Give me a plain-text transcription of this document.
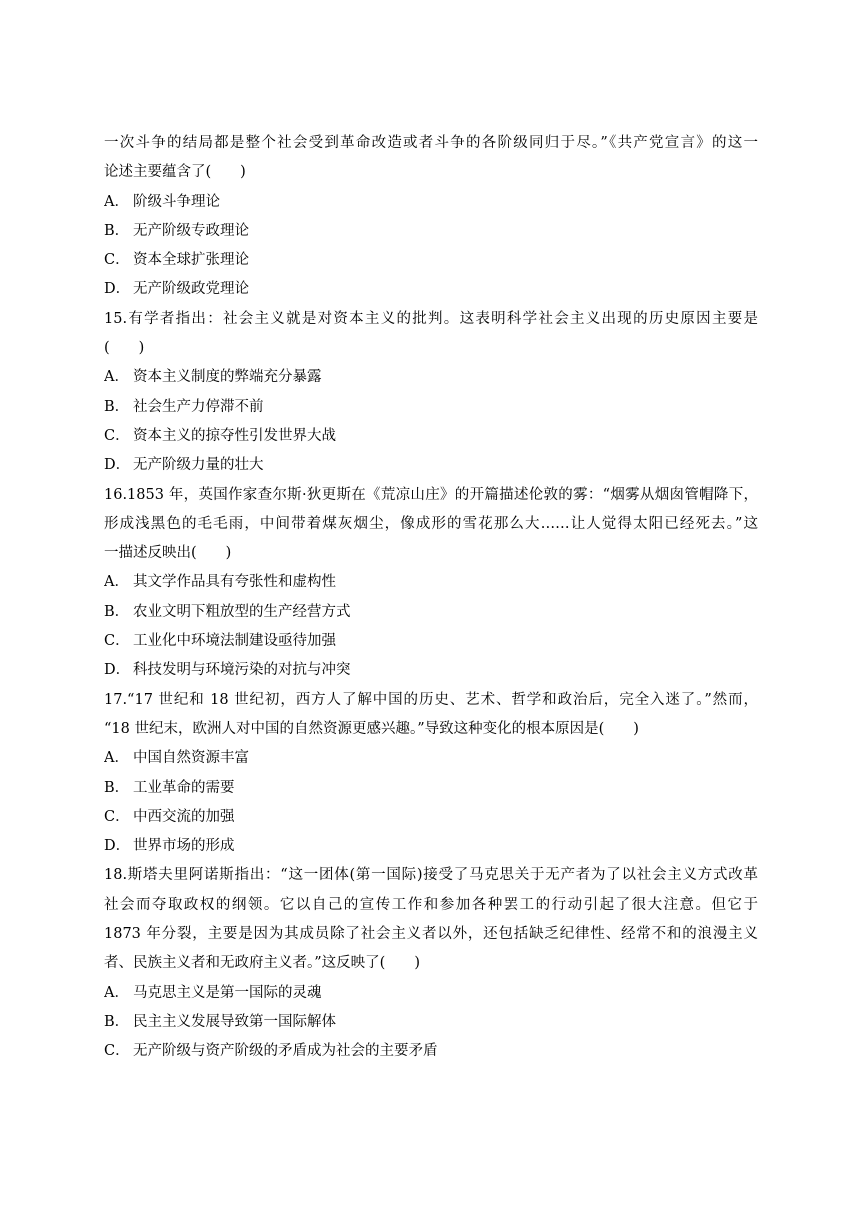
一次斗争的结局都是整个社会受到革命改造或者斗争的各阶级同归于尽。”《共产党宣言》的这一
论述主要蕴含了(　　)
A． 阶级斗争理论
B． 无产阶级专政理论
C． 资本全球扩张理论
D． 无产阶级政党理论
15.有学者指出：社会主义就是对资本主义的批判。这表明科学社会主义出现的历史原因主要是
(　　)
A． 资本主义制度的弊端充分暴露
B． 社会生产力停滞不前
C． 资本主义的掠夺性引发世界大战
D． 无产阶级力量的壮大
16.1853 年，英国作家查尔斯·狄更斯在《荒凉山庄》的开篇描述伦敦的雾：“烟雾从烟囱管帽降下，
形成浅黑色的毛毛雨，中间带着煤灰烟尘，像成形的雪花那么大……让人觉得太阳已经死去。”这
一描述反映出(　　)
A． 其文学作品具有夸张性和虚构性
B． 农业文明下粗放型的生产经营方式
C． 工业化中环境法制建设亟待加强
D． 科技发明与环境污染的对抗与冲突
17.“17 世纪和 18 世纪初，西方人了解中国的历史、艺术、哲学和政治后，完全入迷了。”然而，
“18 世纪末，欧洲人对中国的自然资源更感兴趣。”导致这种变化的根本原因是(　　)
A． 中国自然资源丰富
B． 工业革命的需要
C． 中西交流的加强
D． 世界市场的形成
18.斯塔夫里阿诺斯指出：“这一团体(第一国际)接受了马克思关于无产者为了以社会主义方式改革
社会而夺取政权的纲领。它以自己的宣传工作和参加各种罢工的行动引起了很大注意。但它于
1873 年分裂，主要是因为其成员除了社会主义者以外，还包括缺乏纪律性、经常不和的浪漫主义
者、民族主义者和无政府主义者。”这反映了(　　)
A． 马克思主义是第一国际的灵魂
B． 民主主义发展导致第一国际解体
C． 无产阶级与资产阶级的矛盾成为社会的主要矛盾
